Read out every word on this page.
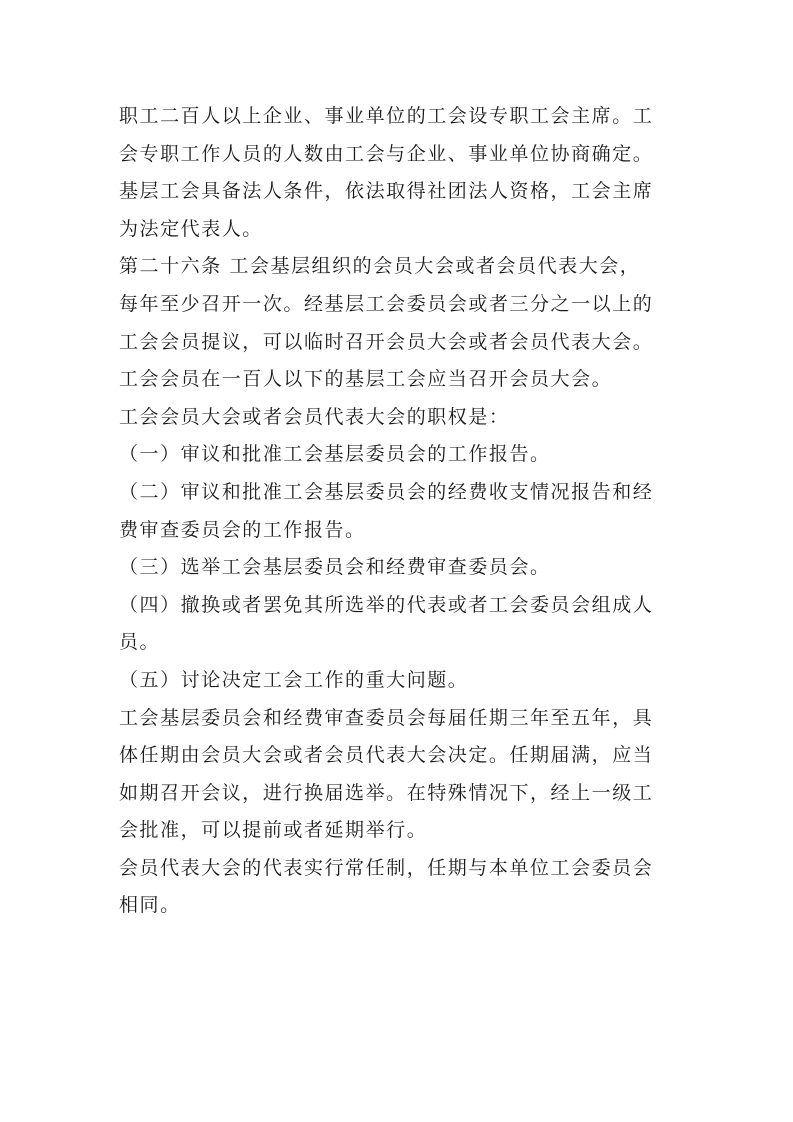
职工二百人以上企业、事业单位的工会设专职工会主席。工
会专职工作人员的人数由工会与企业、事业单位协商确定。

基层工会具备法人条件，依法取得社团法人资格，工会主席
为法定代表人。

第二十六条 工会基层组织的会员大会或者会员代表大会，
每年至少召开一次。经基层工会委员会或者三分之一以上的
工会会员提议，可以临时召开会员大会或者会员代表大会。

工会会员在一百人以下的基层工会应当召开会员大会。

工会会员大会或者会员代表大会的职权是：

（一）审议和批准工会基层委员会的工作报告。

（二）审议和批准工会基层委员会的经费收支情况报告和经
费审查委员会的工作报告。

（三）选举工会基层委员会和经费审查委员会。

（四）撤换或者罢免其所选举的代表或者工会委员会组成人
员。

（五）讨论决定工会工作的重大问题。

工会基层委员会和经费审查委员会每届任期三年至五年，具
体任期由会员大会或者会员代表大会决定。任期届满，应当
如期召开会议，进行换届选举。在特殊情况下，经上一级工
会批准，可以提前或者延期举行。

会员代表大会的代表实行常任制，任期与本单位工会委员会
相同。
